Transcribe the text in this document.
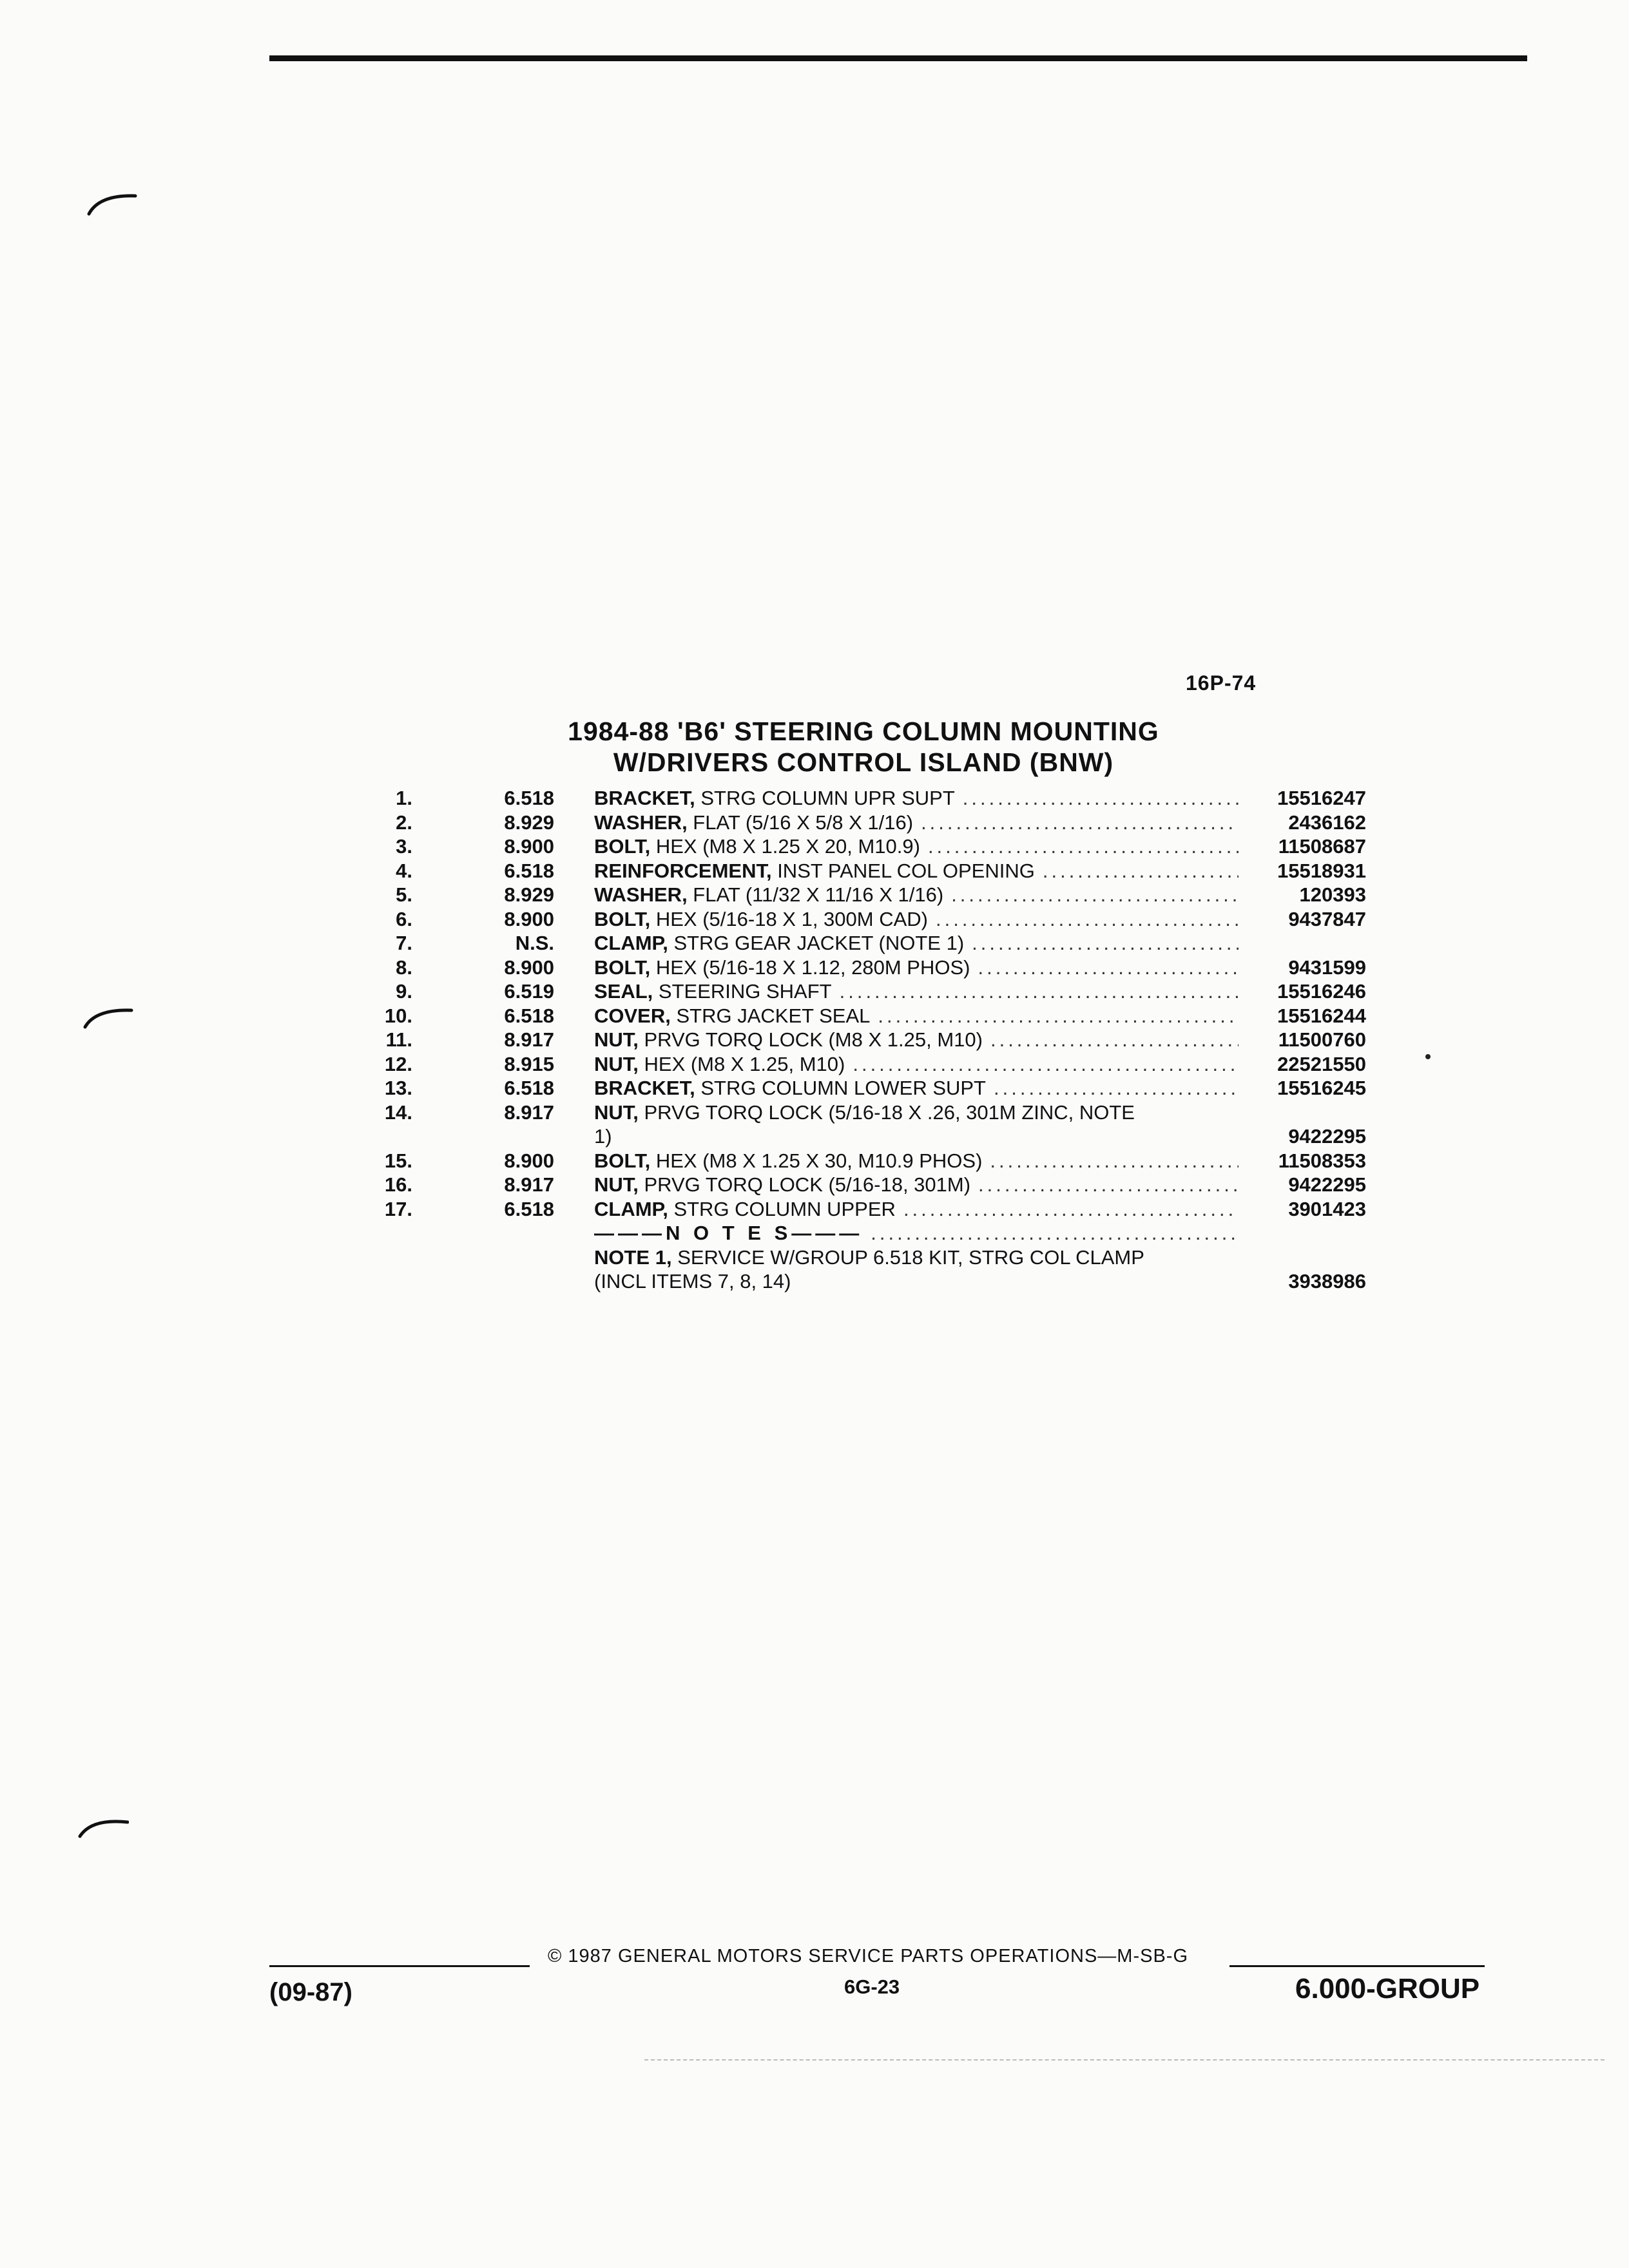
16P-74
1984-88 'B6' STEERING COLUMN MOUNTING
W/DRIVERS CONTROL ISLAND (BNW)
1.	6.518 BRACKET, STRG COLUMN UPR SUPT .....	15516247
2.	8.929 WASHER, FLAT (5/16 X 5/8 X 1/16) .....	2436162
3.	8.900 BOLT, HEX (M8 X 1.25 X 20, M10.9) .....	11508687
4.	6.518 REINFORCEMENT, INST PANEL COL OPENING .....	15518931
5.	8.929 WASHER, FLAT (11/32 X 11/16 X 1/16) .....	120393
6.	8.900 BOLT, HEX (5/16-18 X 1, 300M CAD) .....	9437847
7.	N.S. CLAMP, STRG GEAR JACKET (NOTE 1)
.....
8.	8.900 BOLT, HEX (5/16-18 X 1.12, 280M PHOS) .....	9431599
9.	6.519 SEAL, STEERING SHAFT .....	15516246
10.	6.518 COVER, STRG JACKET SEAL .....	15516244
11.	8.917 NUT, PRVG TORQ LOCK (M8 X 1.25, M10) .....	11500760
12.	8.915 NUT, HEX (M8 X 1.25, M10) .....	22521550
13.	6.518 BRACKET, STRG COLUMN LOWER SUPT .....	15516245
14.	8.917 NUT, PRVG TORQ LOCK (5/16-18 X .26, 301M ZINC, NOTE
1)	9422295
15.	8.900 BOLT, HEX (M8 X 1.25 X 30, M10.9 PHOS) .....	11508353
16.	8.917 NUT, PRVG TORQ LOCK (5/16-18, 301M) .....	9422295
17.	6.518 CLAMP, STRG COLUMN UPPER .....	3901423
———N O T E S———
.....
NOTE 1, SERVICE W/GROUP 6.518 KIT, STRG COL CLAMP
(INCL ITEMS 7, 8, 14)	3938986
© 1987 GENERAL MOTORS SERVICE PARTS OPERATIONS—M-SB-G
(09-87)	6G-23	6.000-GROUP
